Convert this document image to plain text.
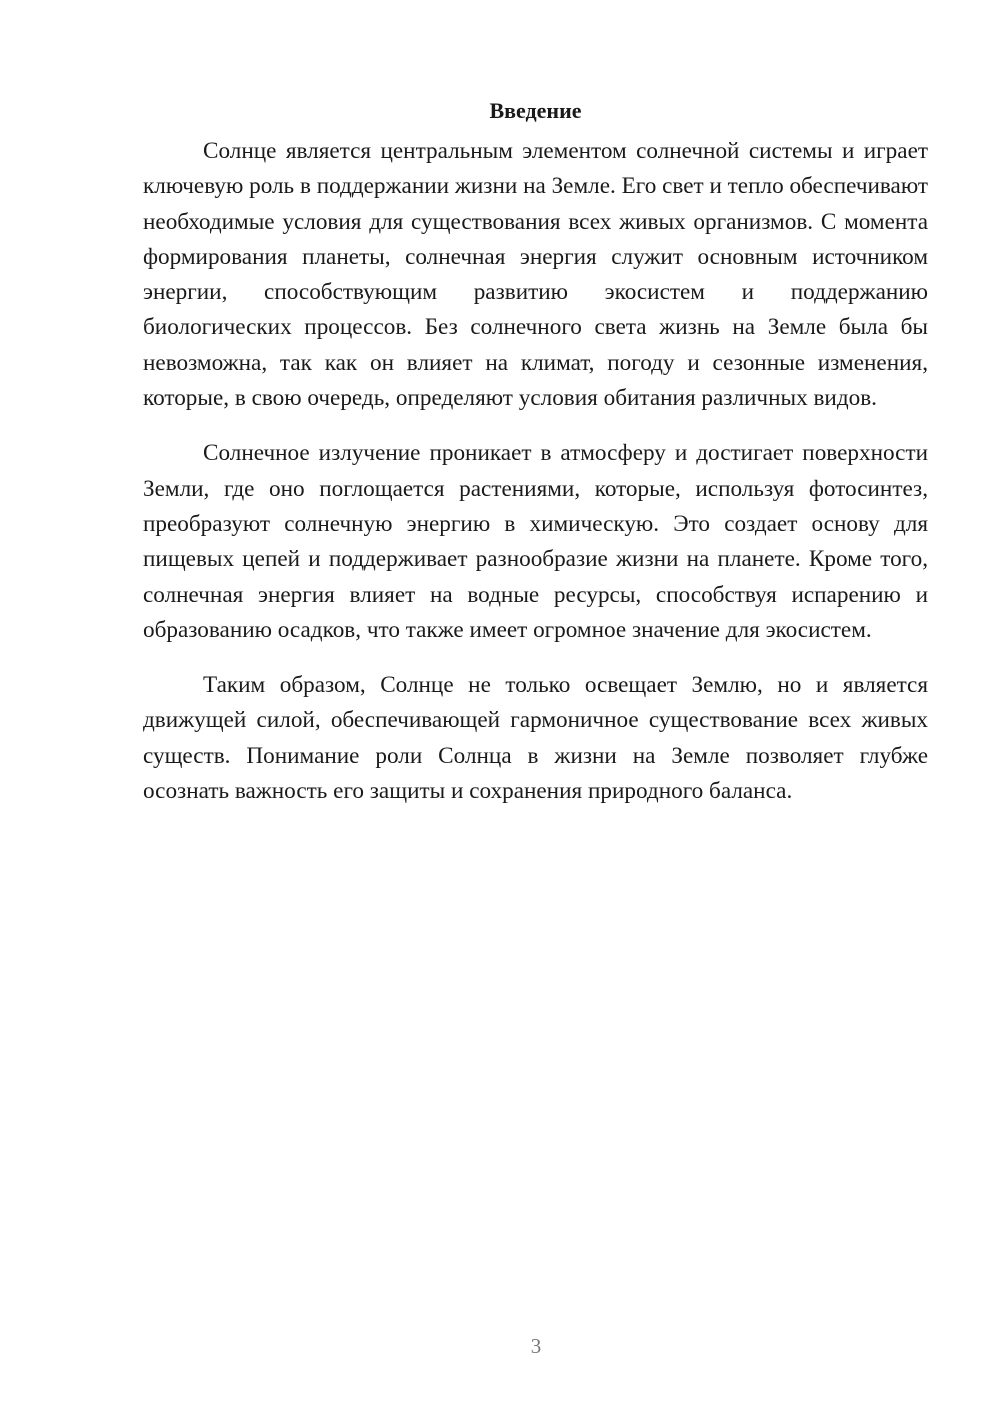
Введение

Солнце является центральным элементом солнечной системы и играет ключевую роль в поддержании жизни на Земле. Его свет и тепло обеспечивают необходимые условия для существования всех живых организмов. С момента формирования планеты, солнечная энергия служит основным источником энергии, способствующим развитию экосистем и поддержанию биологических процессов. Без солнечного света жизнь на Земле была бы невозможна, так как он влияет на климат, погоду и сезонные изменения, которые, в свою очередь, определяют условия обитания различных видов.

Солнечное излучение проникает в атмосферу и достигает поверхности Земли, где оно поглощается растениями, которые, используя фотосинтез, преобразуют солнечную энергию в химическую. Это создает основу для пищевых цепей и поддерживает разнообразие жизни на планете. Кроме того, солнечная энергия влияет на водные ресурсы, способствуя испарению и образованию осадков, что также имеет огромное значение для экосистем.

Таким образом, Солнце не только освещает Землю, но и является движущей силой, обеспечивающей гармоничное существование всех живых существ. Понимание роли Солнца в жизни на Земле позволяет глубже осознать важность его защиты и сохранения природного баланса.

3
